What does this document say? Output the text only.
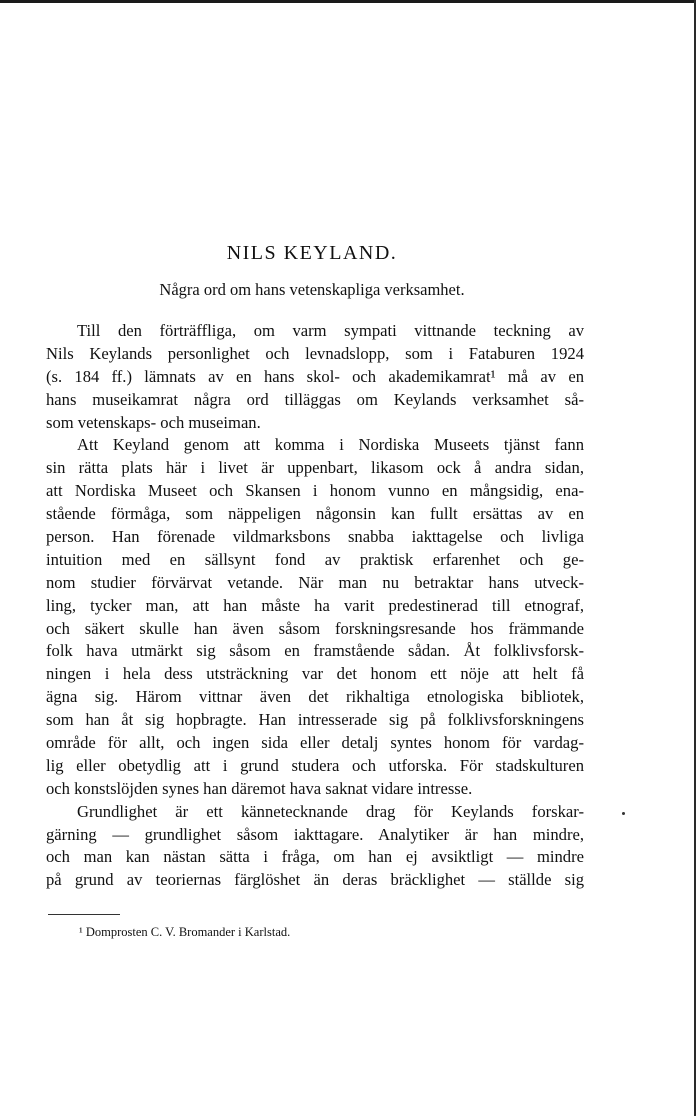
NILS KEYLAND.

Några ord om hans vetenskapliga verksamhet.

Till den förträffliga, om varm sympati vittnande teckning av
Nils Keylands personlighet och levnadslopp, som i Fataburen 1924
(s. 184 ff.) lämnats av en hans skol- och akademikamrat¹ må av en
hans museikamrat några ord tilläggas om Keylands verksamhet så-
som vetenskaps- och museiman.
Att Keyland genom att komma i Nordiska Museets tjänst fann
sin rätta plats här i livet är uppenbart, likasom ock å andra sidan,
att Nordiska Museet och Skansen i honom vunno en mångsidig, ena-
stående förmåga, som näppeligen någonsin kan fullt ersättas av en
person. Han förenade vildmarksbons snabba iakttagelse och livliga
intuition med en sällsynt fond av praktisk erfarenhet och ge-
nom studier förvärvat vetande. När man nu betraktar hans utveck-
ling, tycker man, att han måste ha varit predestinerad till etnograf,
och säkert skulle han även såsom forskningsresande hos främmande
folk hava utmärkt sig såsom en framstående sådan. Åt folklivsforsk-
ningen i hela dess utsträckning var det honom ett nöje att helt få
ägna sig. Härom vittnar även det rikhaltiga etnologiska bibliotek,
som han åt sig hopbragte. Han intresserade sig på folklivsforskningens
område för allt, och ingen sida eller detalj syntes honom för vardag-
lig eller obetydlig att i grund studera och utforska. För stadskulturen
och konstslöjden synes han däremot hava saknat vidare intresse.
Grundlighet är ett kännetecknande drag för Keylands forskar-
gärning — grundlighet såsom iakttagare. Analytiker är han mindre,
och man kan nästan sätta i fråga, om han ej avsiktligt — mindre
på grund av teoriernas färglöshet än deras bräcklighet — ställde sig

¹ Domprosten C. V. Bromander i Karlstad.
